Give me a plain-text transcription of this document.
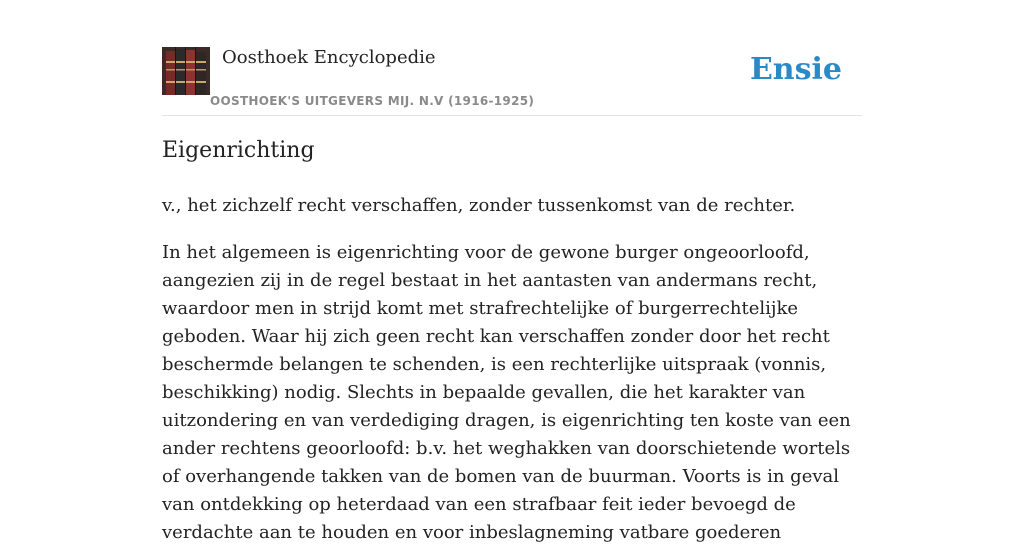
Oosthoek Encyclopedie
OOSTHOEK'S UITGEVERS MIJ. N.V (1916-1925)
Ensie
Eigenrichting

v., het zichzelf recht verschaffen, zonder tussenkomst van de rechter.

In het algemeen is eigenrichting voor de gewone burger ongeoorloofd, aangezien zij in de regel bestaat in het aantasten van andermans recht, waardoor men in strijd komt met strafrechtelijke of burgerrechtelijke geboden. Waar hij zich geen recht kan verschaffen zonder door het recht beschermde belangen te schenden, is een rechterlijke uitspraak (vonnis, beschikking) nodig. Slechts in bepaalde gevallen, die het karakter van uitzondering en van verdediging dragen, is eigenrichting ten koste van een ander rechtens geoorloofd: b.v. het weghakken van doorschietende wortels of overhangende takken van de bomen van de buurman. Voorts is in geval van ontdekking op heterdaad van een strafbaar feit ieder bevoegd de verdachte aan te houden en voor inbeslagneming vatbare goederen
